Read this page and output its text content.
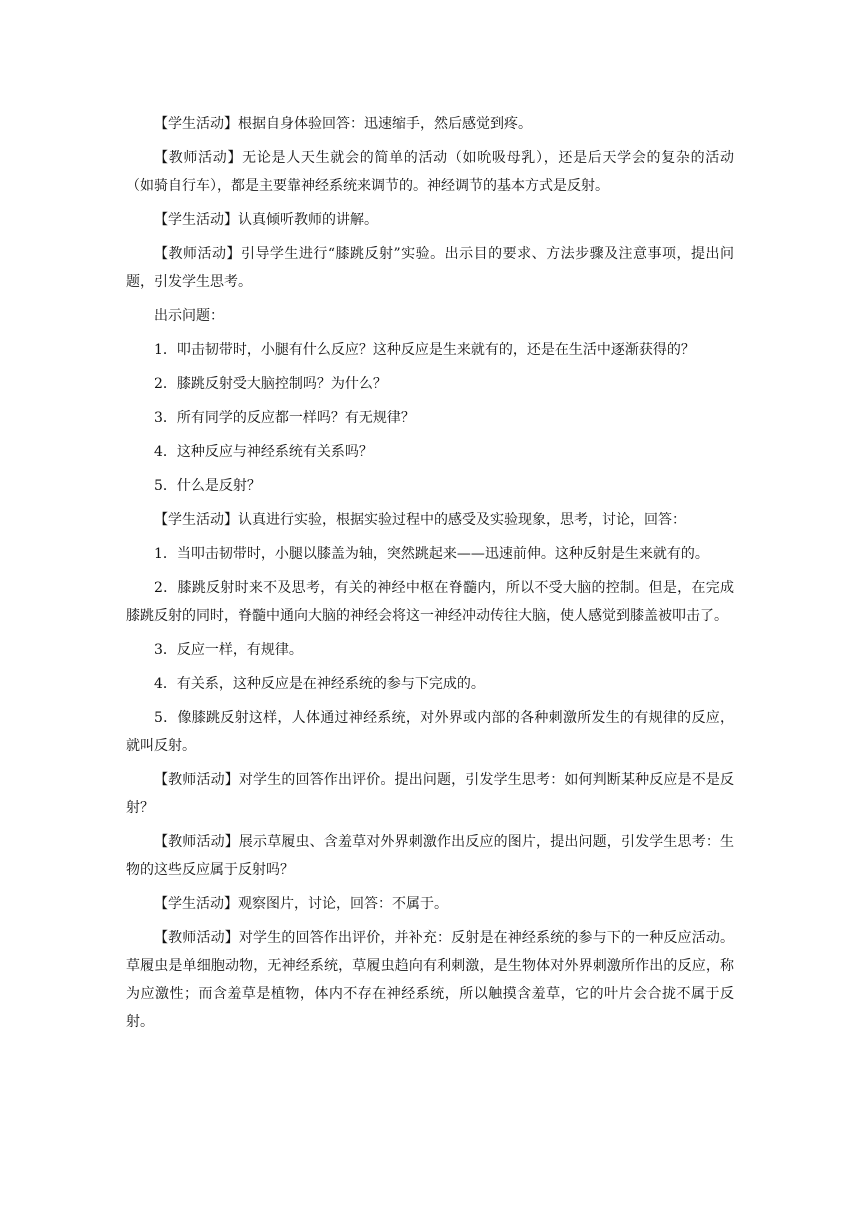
【学生活动】根据自身体验回答：迅速缩手，然后感觉到疼。

【教师活动】无论是人天生就会的简单的活动（如吮吸母乳），还是后天学会的复杂的活动（如骑自行车），都是主要靠神经系统来调节的。神经调节的基本方式是反射。

【学生活动】认真倾听教师的讲解。

【教师活动】引导学生进行“膝跳反射”实验。出示目的要求、方法步骤及注意事项，提出问题，引发学生思考。

出示问题：

1．叩击韧带时，小腿有什么反应？这种反应是生来就有的，还是在生活中逐渐获得的？

2．膝跳反射受大脑控制吗？为什么？

3．所有同学的反应都一样吗？有无规律？

4．这种反应与神经系统有关系吗？

5．什么是反射？

【学生活动】认真进行实验，根据实验过程中的感受及实验现象，思考，讨论，回答：

1．当叩击韧带时，小腿以膝盖为轴，突然跳起来——迅速前伸。这种反射是生来就有的。

2．膝跳反射时来不及思考，有关的神经中枢在脊髓内，所以不受大脑的控制。但是，在完成膝跳反射的同时，脊髓中通向大脑的神经会将这一神经冲动传往大脑，使人感觉到膝盖被叩击了。

3．反应一样，有规律。

4．有关系，这种反应是在神经系统的参与下完成的。

5．像膝跳反射这样，人体通过神经系统，对外界或内部的各种刺激所发生的有规律的反应，就叫反射。

【教师活动】对学生的回答作出评价。提出问题，引发学生思考：如何判断某种反应是不是反射？

【教师活动】展示草履虫、含羞草对外界刺激作出反应的图片，提出问题，引发学生思考：生物的这些反应属于反射吗？

【学生活动】观察图片，讨论，回答：不属于。

【教师活动】对学生的回答作出评价，并补充：反射是在神经系统的参与下的一种反应活动。草履虫是单细胞动物，无神经系统，草履虫趋向有利刺激，是生物体对外界刺激所作出的反应，称为应激性；而含羞草是植物，体内不存在神经系统，所以触摸含羞草，它的叶片会合拢不属于反射。
